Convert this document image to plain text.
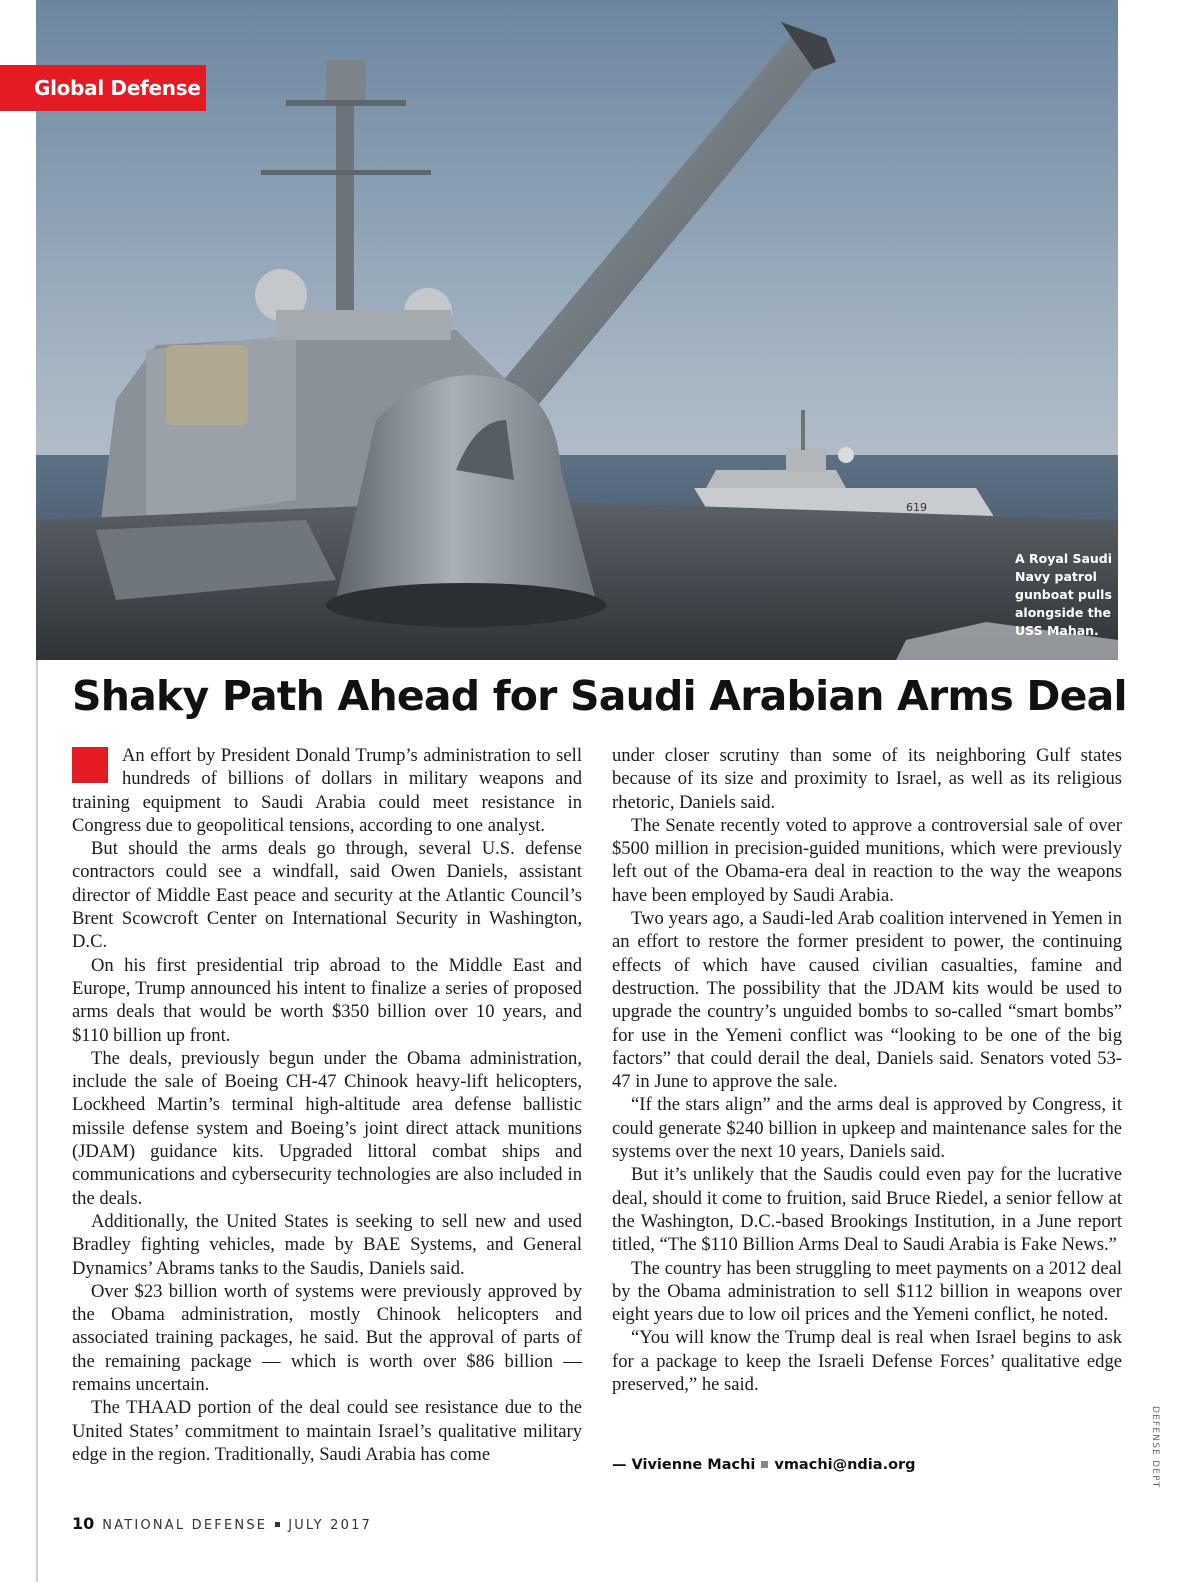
619
Global Defense
A Royal Saudi
Navy patrol
gunboat pulls
alongside the
USS Mahan.
Shaky Path Ahead for Saudi Arabian Arms Deal

An effort by President Donald Trump’s administration to sell hundreds of billions of dollars in military weapons and training equipment to Saudi Arabia could meet resistance in Congress due to geopolitical tensions, according to one analyst.

But should the arms deals go through, several U.S. defense contractors could see a windfall, said Owen Daniels, assistant director of Middle East peace and security at the Atlantic Council’s Brent Scowcroft Center on International Security in Washington, D.C.

On his first presidential trip abroad to the Middle East and Europe, Trump announced his intent to finalize a series of proposed arms deals that would be worth $350 billion over 10 years, and $110 billion up front.

The deals, previously begun under the Obama administration, include the sale of Boeing CH-47 Chinook heavy-lift helicopters, Lockheed Martin’s terminal high-altitude area defense ballistic missile defense system and Boeing’s joint direct attack munitions (JDAM) guidance kits. Upgraded littoral combat ships and communications and cybersecurity technologies are also included in the deals.

Additionally, the United States is seeking to sell new and used Bradley fighting vehicles, made by BAE Systems, and General Dynamics’ Abrams tanks to the Saudis, Daniels said.

Over $23 billion worth of systems were previously approved by the Obama administration, mostly Chinook helicopters and associated training packages, he said. But the approval of parts of the remaining package — which is worth over $86 billion — remains uncertain.

The THAAD portion of the deal could see resistance due to the United States’ commitment to maintain Israel’s qualitative military edge in the region. Traditionally, Saudi Arabia has come

under closer scrutiny than some of its neighboring Gulf states because of its size and proximity to Israel, as well as its religious rhetoric, Daniels said.

The Senate recently voted to approve a controversial sale of over $500 million in precision-guided munitions, which were previously left out of the Obama-era deal in reaction to the way the weapons have been employed by Saudi Arabia.

Two years ago, a Saudi-led Arab coalition intervened in Yemen in an effort to restore the former president to power, the continuing effects of which have caused civilian casualties, famine and destruction. The possibility that the JDAM kits would be used to upgrade the country’s unguided bombs to so-called “smart bombs” for use in the Yemeni conflict was “looking to be one of the big factors” that could derail the deal, Daniels said. Senators voted 53-47 in June to approve the sale.

“If the stars align” and the arms deal is approved by Congress, it could generate $240 billion in upkeep and maintenance sales for the systems over the next 10 years, Daniels said.

But it’s unlikely that the Saudis could even pay for the lucrative deal, should it come to fruition, said Bruce Riedel, a senior fellow at the Washington, D.C.-based Brookings Institution, in a June report titled, “The $110 Billion Arms Deal to Saudi Arabia is Fake News.”

The country has been struggling to meet payments on a 2012 deal by the Obama administration to sell $112 billion in weapons over eight years due to low oil prices and the Yemeni conflict, he noted.

“You will know the Trump deal is real when Israel begins to ask for a package to keep the Israeli Defense Forces’ qualitative edge preserved,” he said.

— Vivienne Machi vmachi@ndia.org
10 NATIONAL DEFENSE JULY 2017
DEFENSE DEPT
